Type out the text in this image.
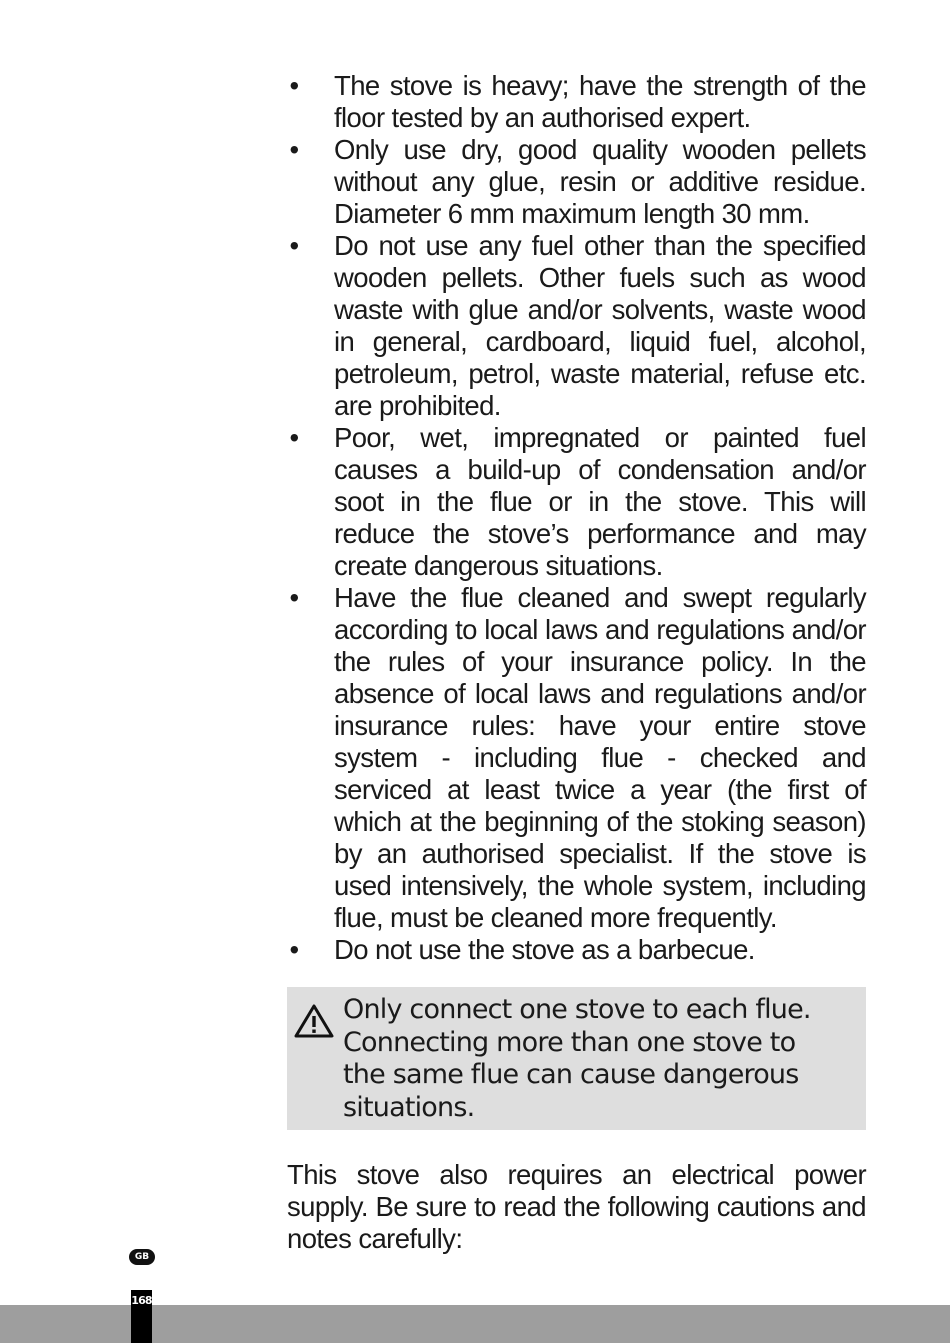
• The stove is heavy; have the strength of the floor tested by an authorised expert.
• Only use dry, good quality wooden pellets without any glue, resin or additive residue. Diameter 6 mm maximum length 30 mm.
• Do not use any fuel other than the specified wooden pellets. Other fuels such as wood waste with glue and/or solvents, waste wood in general, cardboard, liquid fuel, alcohol, petroleum, petrol, waste material, refuse etc. are prohibited.
• Poor, wet, impregnated or painted fuel causes a build-up of condensation and/or soot in the flue or in the stove. This will reduce the stove’s performance and may create dangerous situations.
• Have the flue cleaned and swept regularly according to local laws and regulations and/or the rules of your insurance policy. In the absence of local laws and regulations and/or insurance rules: have your entire stove system - including flue - checked and serviced at least twice a year (the first of which at the beginning of the stoking season) by an authorised specialist. If the stove is used intensively, the whole system, including flue, must be cleaned more frequently.
• Do not use the stove as a barbecue.
Only connect one stove to each flue. Connecting more than one stove to the same flue can cause dangerous situations.
This stove also requires an electrical power supply. Be sure to read the following cautions and notes carefully:
GB
168
